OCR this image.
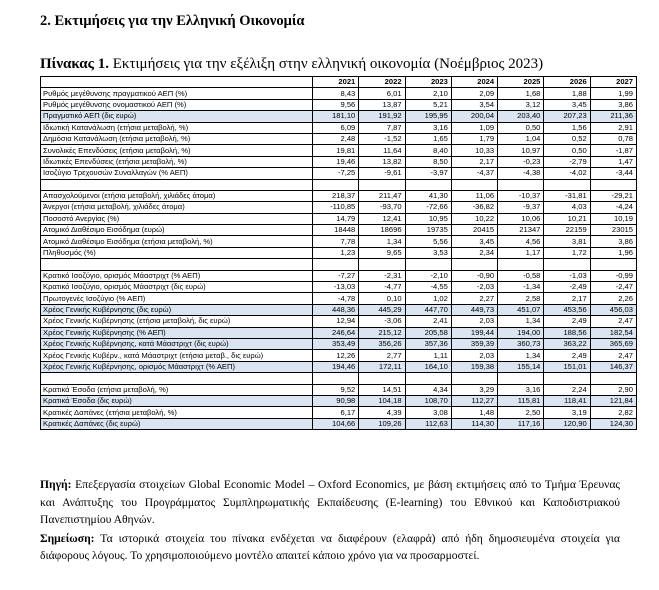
2. Εκτιμήσεις για την Ελληνική Οικονομία
Πίνακας 1. Εκτιμήσεις για την εξέλιξη στην ελληνική οικονομία (Νοέμβριος 2023)
	2021	2022	2023	2024	2025	2026	2027
Ρυθμός μεγέθυνσης πραγματικού ΑΕΠ (%)	8,43	6,01	2,10	2,09	1,68	1,88	1,99
Ρυθμός μεγέθυνσης ονομαστικού ΑΕΠ (%)	9,56	13,87	5,21	3,54	3,12	3,45	3,86
Πραγματικό ΑΕΠ (δις ευρώ)	181,10	191,92	195,95	200,04	203,40	207,23	211,36
Ιδιωτική Κατανάλωση (ετήσια μεταβολή, %)	6,09	7,87	3,16	1,09	0,50	1,56	2,91
Δημόσια Κατανάλωση (ετήσια μεταβολή, %)	2,48	-1,52	1,65	1,79	1,04	0,52	0,78
Συνολικές Επενδύσεις (ετήσια μεταβολή, %)	19,81	11,64	8,40	10,33	10,97	0,50	-1,87
Ιδιωτικές Επενδύσεις (ετήσια μεταβολή, %)	19,46	13,82	8,50	2,17	-0,23	-2,79	1,47
Ισοζύγιο Τρεχουσών Συναλλαγών (% ΑΕΠ)	-7,25	-9,61	-3,97	-4,37	-4,38	-4,02	-3,44

Απασχολούμενοι (ετήσια μεταβολή, χιλιάδες άτομα)	218,37	211,47	41,30	11,06	-10,37	-31,81	-29,21
Άνεργοι (ετήσια μεταβολή, χιλιάδες άτομα)	-110,85	-93,70	-72,66	-36,82	-9,37	4,03	-4,24
Ποσοστό Ανεργίας (%)	14,79	12,41	10,95	10,22	10,06	10,21	10,19
Ατομικό Διαθέσιμο Εισόδημα (ευρώ)	18448	18696	19735	20415	21347	22159	23015
Ατομικό Διαθέσιμο Εισόδημα (ετήσια μεταβολή, %)	7,78	1,34	5,56	3,45	4,56	3,81	3,86
Πληθυσμός (%)	1,23	9,65	3,53	2,34	1,17	1,72	1,96

Κρατικό Ισοζύγιο, ορισμός Μάαστριχτ (% ΑΕΠ)	-7,27	-2,31	-2,10	-0,90	-0,58	-1,03	-0,99
Κρατικό Ισοζύγιο, ορισμός Μάαστριχτ (δις ευρώ)	-13,03	-4,77	-4,55	-2,03	-1,34	-2,49	-2,47
Πρωτογενές Ισοζύγιο (% ΑΕΠ)	-4,78	0,10	1,02	2,27	2,58	2,17	2,26
Χρέος Γενικής Κυβέρνησης (δις ευρώ)	448,36	445,29	447,70	449,73	451,07	453,56	456,03
Χρέος Γενικής Κυβέρνησης (ετήσια μεταβολή, δις ευρώ)	12,94	-3,06	2,41	2,03	1,34	2,49	2,47
Χρέος Γενικής Κυβέρνησης (% ΑΕΠ)	246,64	215,12	205,58	199,44	194,00	188,56	182,54
Χρέος Γενικής Κυβέρνησης, κατά Μάαστριχτ (δις ευρώ)	353,49	356,26	357,36	359,39	360,73	363,22	365,69
Χρέος Γενικής Κυβέρν., κατά Μάαστριχτ (ετήσια μεταβ., δις ευρώ)	12,26	2,77	1,11	2,03	1,34	2,49	2,47
Χρέος Γενικής Κυβέρνησης, ορισμός Μάαστριχτ (% ΑΕΠ)	194,46	172,11	164,10	159,38	155,14	151,01	146,37

Κρατικά Έσοδα (ετήσια μεταβολή, %)	9,52	14,51	4,34	3,29	3,16	2,24	2,90
Κρατικά Έσοδα (δις ευρώ)	90,98	104,18	108,70	112,27	115,81	118,41	121,84
Κρατικές Δαπάνες (ετήσια μεταβολή, %)	6,17	4,39	3,08	1,48	2,50	3,19	2,82
Κρατικές Δαπάνες (δις ευρώ)	104,66	109,26	112,63	114,30	117,16	120,90	124,30

Πηγή: Επεξεργασία στοιχείων Global Economic Model – Oxford Economics, με βάση εκτιμήσεις από το Τμήμα Έρευνας και Ανάπτυξης του Προγράμματος Συμπληρωματικής Εκπαίδευσης (E-learning) του Εθνικού και Καποδιστριακού Πανεπιστημίου Αθηνών.

Σημείωση: Τα ιστορικά στοιχεία του πίνακα ενδέχεται να διαφέρουν (ελαφρά) από ήδη δημοσιευμένα στοιχεία για διάφορους λόγους. Το χρησιμοποιούμενο μοντέλο απαιτεί κάποιο χρόνο για να προσαρμοστεί.
